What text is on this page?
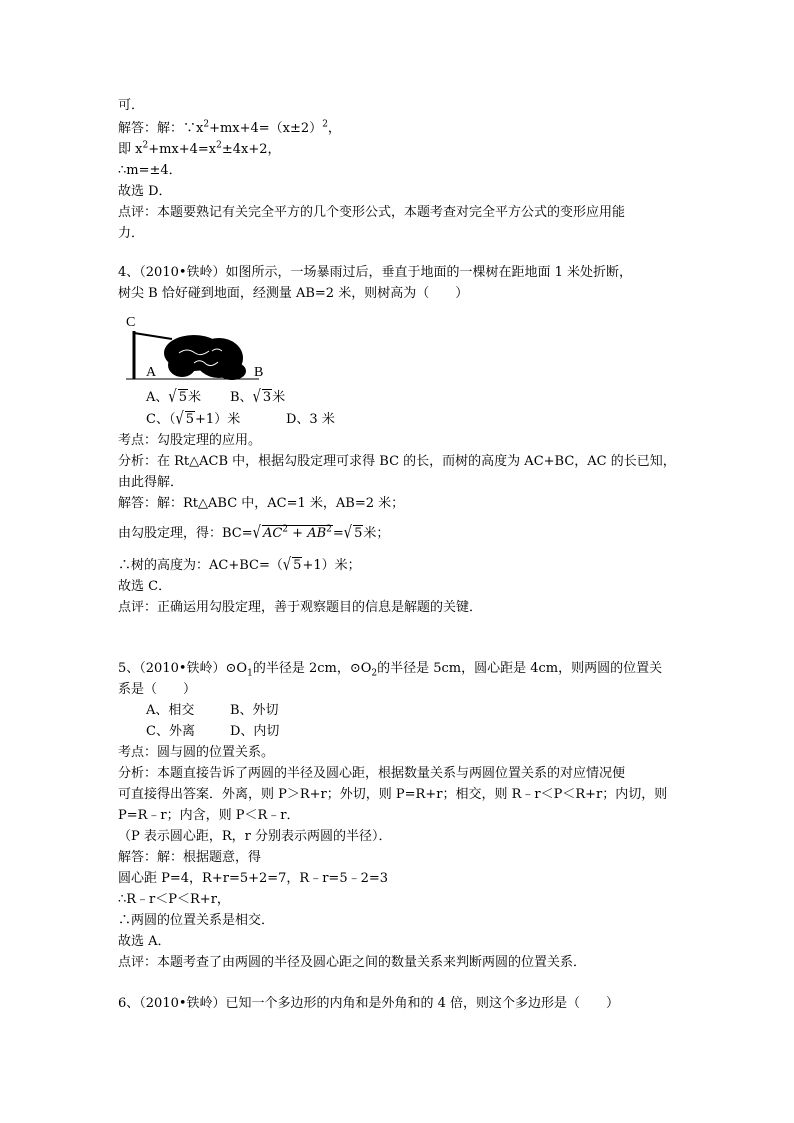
可．
解答：解：$\because x^2+mx+4=(x\pm 2)^2$，
即 $x^2+mx+4=x^2\pm 4x+2$，
∴m=±4．
故选 D．
点评：本题要熟记有关完全平方的几个变形公式，本题考查对完全平方公式的变形应用能
力．
4、（2010•铁岭）如图所示，一场暴雨过后，垂直于地面的一棵树在距地面 1 米处折断，
树尖 B 恰好碰到地面，经测量 AB=2 米，则树高为（　　）
C
A	B
A、√ 5米 B、√ 3米
C、（√ 5+1）米	D、3 米
考点：勾股定理的应用。
分析：在 Rt△ACB 中，根据勾股定理可求得 BC 的长，而树的高度为 AC+BC，AC 的长已知，
由此得解．
解答：解：Rt△ABC 中，AC=1 米，AB=2 米；
由勾股定理，得：BC=√ $AC^2 + AB^2=√$ 5米；
∴树的高度为：AC+BC=（√ 5+1）米；
故选 C．
点评：正确运用勾股定理，善于观察题目的信息是解题的关键．
5、（2010•铁岭）$⊙O_1$的半径是 2cm，$⊙O_2$的半径是 5cm，圆心距是 4cm，则两圆的位置关
系是（　　）
A、相交	B、外切
C、外离	D、内切
考点：圆与圆的位置关系。
分析：本题直接告诉了两圆的半径及圆心距，根据数量关系与两圆位置关系的对应情况便
可直接得出答案．外离，则 P＞R+r；外切，则 P=R+r；相交，则 R﹣r＜P＜R+r；内切，则
P=R﹣r；内含，则 P＜R﹣r．
（P 表示圆心距，R，r 分别表示两圆的半径）．
解答：解：根据题意，得
圆心距 P=4，R+r=5+2=7，R﹣r=5﹣2=3
∴R﹣r＜P＜R+r，
∴两圆的位置关系是相交．
故选 A．
点评：本题考查了由两圆的半径及圆心距之间的数量关系来判断两圆的位置关系．
6、（2010•铁岭）已知一个多边形的内角和是外角和的 4 倍，则这个多边形是（　　）
